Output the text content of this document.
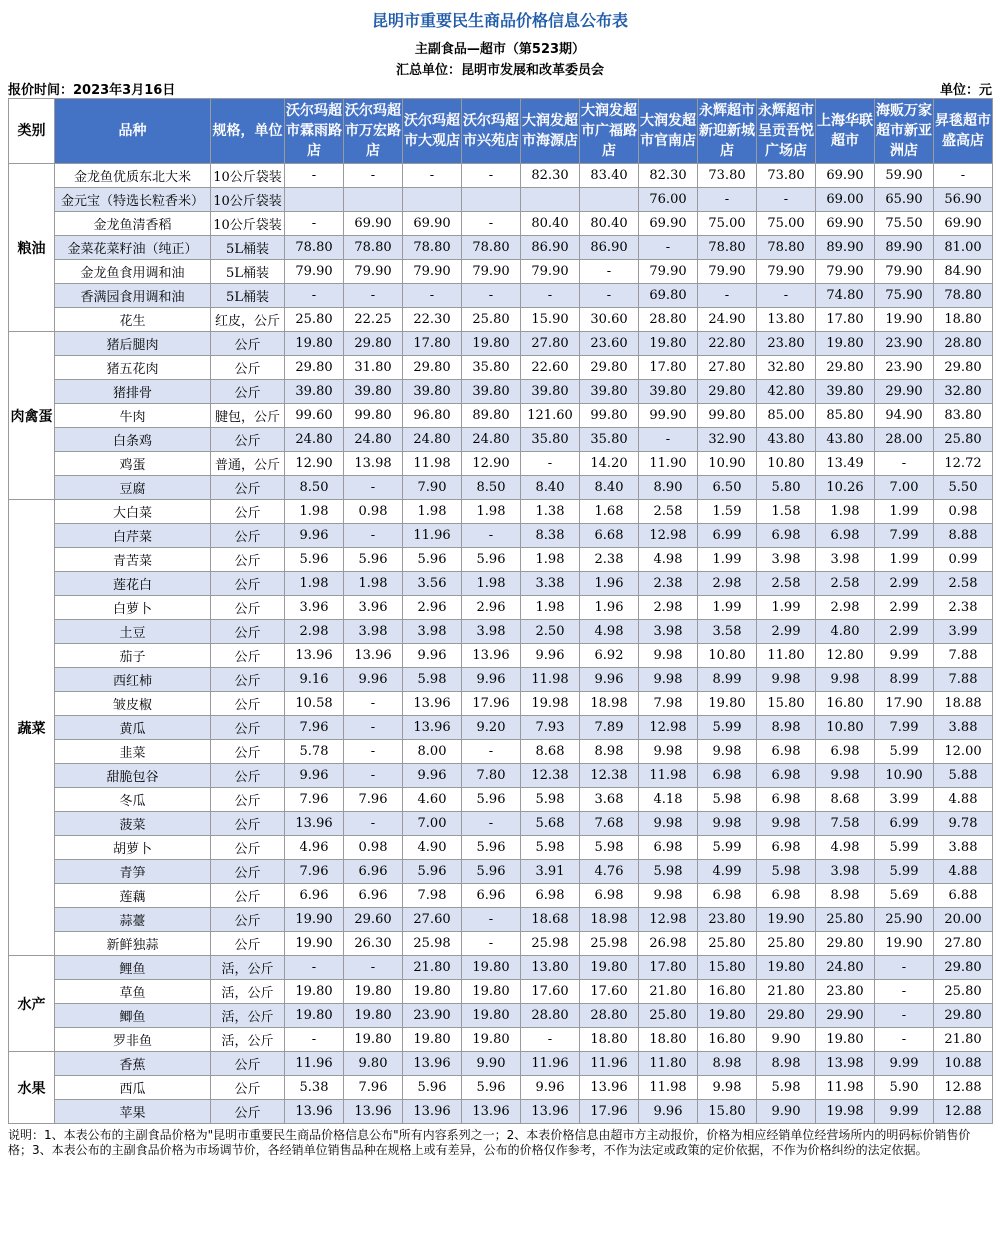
昆明市重要民生商品价格信息公布表
主副食品—超市（第523期）
汇总单位：昆明市发展和改革委员会
报价时间：2023年3月16日	单位：元
类别	品种	规格，单位	沃尔玛超市霖雨路店	沃尔玛超市万宏路店	沃尔玛超市大观店	沃尔玛超市兴苑店	大润发超市海源店	大润发超市广福路店	大润发超市官南店	永辉超市新迎新城店	永辉超市呈贡吾悦广场店	上海华联超市	海贩万家超市新亚洲店	昇毯超市盛高店
粮油	金龙鱼优质东北大米	10公斤袋装	-	-	-	-	82.30	83.40	82.30	73.80	73.80	69.90	59.90	-
	金元宝（特选长粒香米）	10公斤袋装							76.00	-	-	69.00	65.90	56.90
	金龙鱼清香稻	10公斤袋装	-	69.90	69.90	-	80.40	80.40	69.90	75.00	75.00	69.90	75.50	69.90
	金菜花菜籽油（纯正）	5L桶装	78.80	78.80	78.80	78.80	86.90	86.90	-	78.80	78.80	89.90	89.90	81.00
	金龙鱼食用调和油	5L桶装	79.90	79.90	79.90	79.90	79.90	-	79.90	79.90	79.90	79.90	79.90	84.90
	香满园食用调和油	5L桶装	-	-	-	-	-	-	69.80	-	-	74.80	75.90	78.80
	花生	红皮，公斤	25.80	22.25	22.30	25.80	15.90	30.60	28.80	24.90	13.80	17.80	19.90	18.80
肉禽蛋	猪后腿肉	公斤	19.80	29.80	17.80	19.80	27.80	23.60	19.80	22.80	23.80	19.80	23.90	28.80
	猪五花肉	公斤	29.80	31.80	29.80	35.80	22.60	29.80	17.80	27.80	32.80	29.80	23.90	29.80
	猪排骨	公斤	39.80	39.80	39.80	39.80	39.80	39.80	39.80	29.80	42.80	39.80	29.90	32.80
	牛肉	腱包，公斤	99.60	99.80	96.80	89.80	121.60	99.80	99.90	99.80	85.00	85.80	94.90	83.80
	白条鸡	公斤	24.80	24.80	24.80	24.80	35.80	35.80	-	32.90	43.80	43.80	28.00	25.80
	鸡蛋	普通，公斤	12.90	13.98	11.98	12.90	-	14.20	11.90	10.90	10.80	13.49	-	12.72
	豆腐	公斤	8.50	-	7.90	8.50	8.40	8.40	8.90	6.50	5.80	10.26	7.00	5.50
蔬菜	大白菜	公斤	1.98	0.98	1.98	1.98	1.38	1.68	2.58	1.59	1.58	1.98	1.99	0.98
	白芹菜	公斤	9.96	-	11.96	-	8.38	6.68	12.98	6.99	6.98	6.98	7.99	8.88
	青苦菜	公斤	5.96	5.96	5.96	5.96	1.98	2.38	4.98	1.99	3.98	3.98	1.99	0.99
	莲花白	公斤	1.98	1.98	3.56	1.98	3.38	1.96	2.38	2.98	2.58	2.58	2.99	2.58
	白萝卜	公斤	3.96	3.96	2.96	2.96	1.98	1.96	2.98	1.99	1.99	2.98	2.99	2.38
	土豆	公斤	2.98	3.98	3.98	3.98	2.50	4.98	3.98	3.58	2.99	4.80	2.99	3.99
	茄子	公斤	13.96	13.96	9.96	13.96	9.96	6.92	9.98	10.80	11.80	12.80	9.99	7.88
	西红柿	公斤	9.16	9.96	5.98	9.96	11.98	9.96	9.98	8.99	9.98	9.98	8.99	7.88
	皱皮椒	公斤	10.58	-	13.96	17.96	19.98	18.98	7.98	19.80	15.80	16.80	17.90	18.88
	黄瓜	公斤	7.96	-	13.96	9.20	7.93	7.89	12.98	5.99	8.98	10.80	7.99	3.88
	韭菜	公斤	5.78	-	8.00	-	8.68	8.98	9.98	9.98	6.98	6.98	5.99	12.00
	甜脆包谷	公斤	9.96	-	9.96	7.80	12.38	12.38	11.98	6.98	6.98	9.98	10.90	5.88
	冬瓜	公斤	7.96	7.96	4.60	5.96	5.98	3.68	4.18	5.98	6.98	8.68	3.99	4.88
	菠菜	公斤	13.96	-	7.00	-	5.68	7.68	9.98	9.98	9.98	7.58	6.99	9.78
	胡萝卜	公斤	4.96	0.98	4.90	5.96	5.98	5.98	6.98	5.99	6.98	4.98	5.99	3.88
	青笋	公斤	7.96	6.96	5.96	5.96	3.91	4.76	5.98	4.99	5.98	3.98	5.99	4.88
	莲藕	公斤	6.96	6.96	7.98	6.96	6.98	6.98	9.98	6.98	6.98	8.98	5.69	6.88
	蒜薹	公斤	19.90	29.60	27.60	-	18.68	18.98	12.98	23.80	19.90	25.80	25.90	20.00
	新鲜独蒜	公斤	19.90	26.30	25.98	-	25.98	25.98	26.98	25.80	25.80	29.80	19.90	27.80
水产	鲤鱼	活，公斤	-	-	21.80	19.80	13.80	19.80	17.80	15.80	19.80	24.80	-	29.80
	草鱼	活，公斤	19.80	19.80	19.80	19.80	17.60	17.60	21.80	16.80	21.80	23.80	-	25.80
	鲫鱼	活，公斤	19.80	19.80	23.90	19.80	28.80	28.80	25.80	19.80	29.80	29.90	-	29.80
	罗非鱼	活，公斤	-	19.80	19.80	19.80	-	18.80	18.80	16.80	9.90	19.80	-	21.80
水果	香蕉	公斤	11.96	9.80	13.96	9.90	11.96	11.96	11.80	8.98	8.98	13.98	9.99	10.88
	西瓜	公斤	5.38	7.96	5.96	5.96	9.96	13.96	11.98	9.98	5.98	11.98	5.90	12.88
	苹果	公斤	13.96	13.96	13.96	13.96	13.96	17.96	9.96	15.80	9.90	19.98	9.99	12.88
说明：1、本表公布的主副食品价格为"昆明市重要民生商品价格信息公布"所有内容系列之一；2、本表价格信息由超市方主动报价，价格为相应经销单位经营场所内的明码标价销售价格；3、本表公布的主副食品价格为市场调节价，各经销单位销售品种在规格上或有差异，公布的价格仅作参考，不作为法定或政策的定价依据，不作为价格纠纷的法定依据。
